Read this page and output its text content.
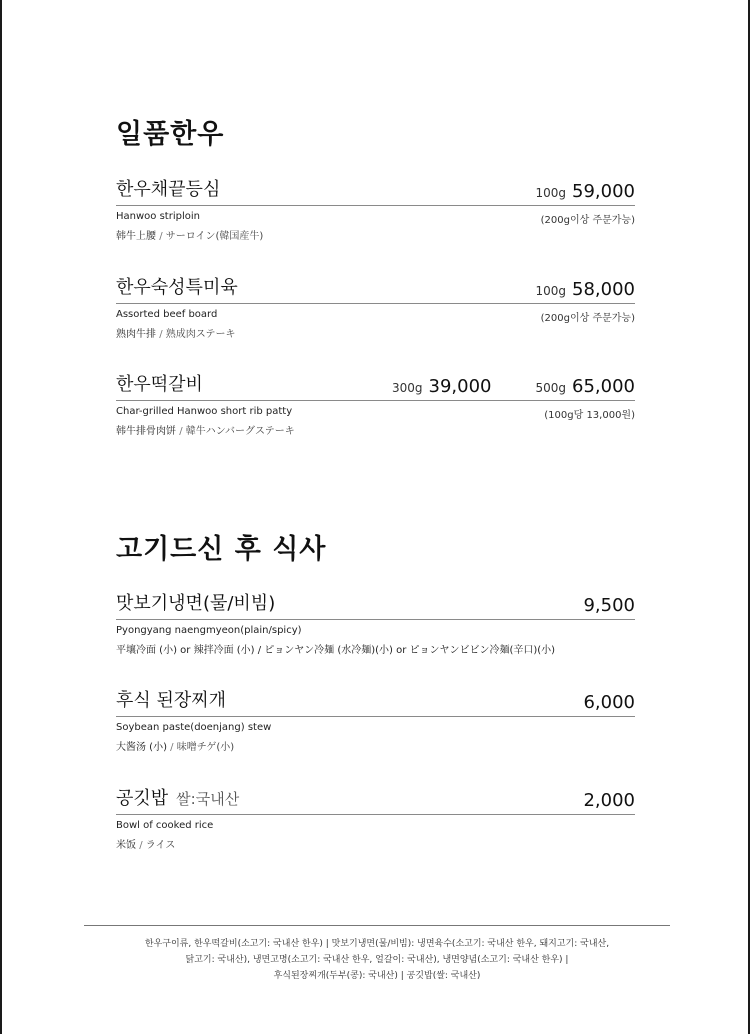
일품한우
한우채끝등심	100g 59,000
Hanwoo striploin	(200g이상 주문가능)
韩牛上腰 / サーロイン(韓国産牛)
한우숙성특미육	100g 58,000
Assorted beef board	(200g이상 주문가능)
熟肉牛排 / 熟成肉ステーキ
한우떡갈비	300g 39,000	500g 65,000
Char-grilled Hanwoo short rib patty	(100g당 13,000원)
韩牛排骨肉饼 / 韓牛ハンバーグステーキ
고기드신 후 식사
맛보기냉면(물/비빔)	9,500
Pyongyang naengmyeon(plain/spicy)
平壤冷面 (小) or 辣拌冷面 (小) / ピョンヤン冷麺 (水冷麺)(小) or ピョンヤンビビン冷麺(辛口)(小)
후식 된장찌개	6,000
Soybean paste(doenjang) stew
大酱汤 (小) / 味噌チゲ(小)
공깃밥 쌀:국내산	2,000
Bowl of cooked rice
米饭 / ライス

한우구이류, 한우떡갈비(소고기: 국내산 한우) | 맛보기냉면(물/비빔): 냉면육수(소고기: 국내산 한우, 돼지고기: 국내산,

닭고기: 국내산), 냉면고명(소고기: 국내산 한우, 얼갈이: 국내산), 냉면양념(소고기: 국내산 한우) |

후식된장찌개(두부(콩): 국내산) | 공깃밥(쌀: 국내산)
